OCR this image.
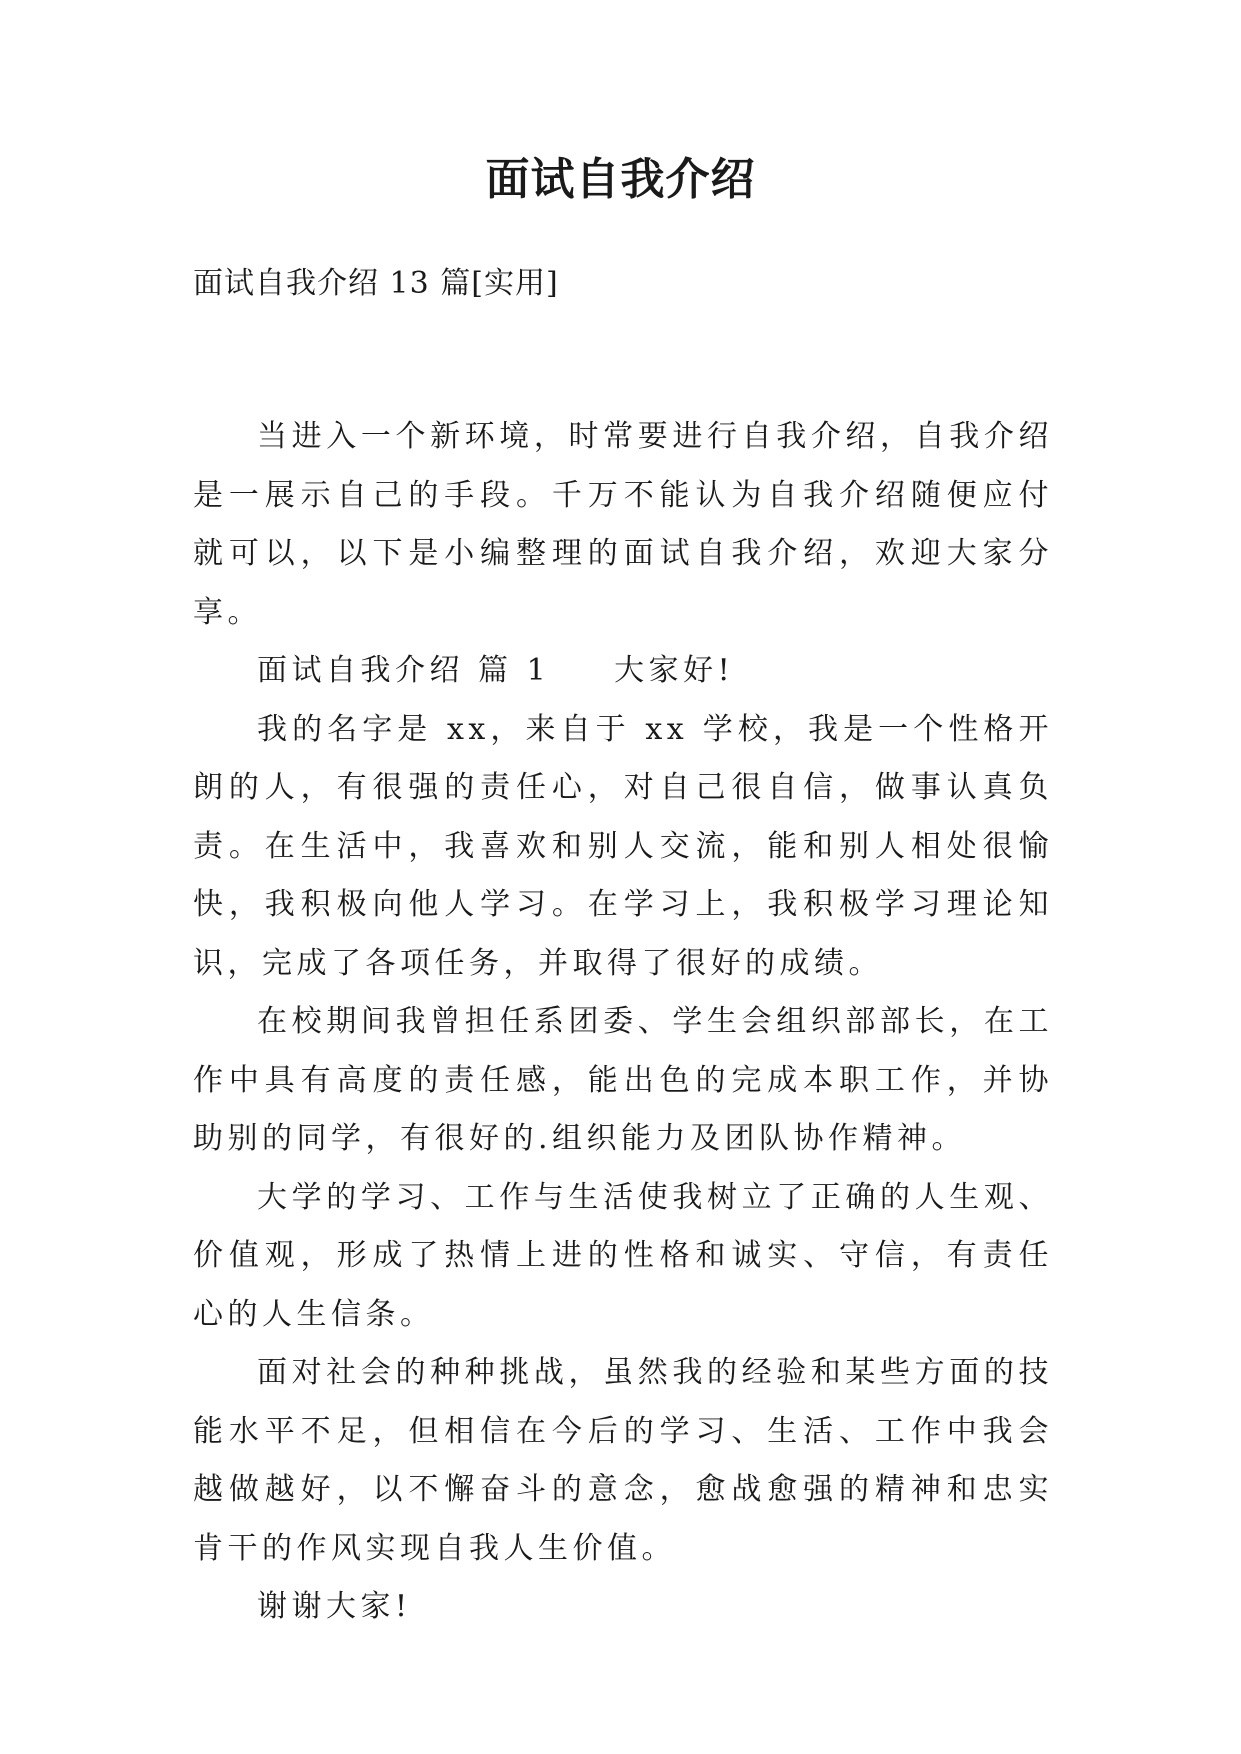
面试自我介绍
面试自我介绍 13 篇[实用]

当进入一个新环境，时常要进行自我介绍，自我介绍是一展示自己的手段。千万不能认为自我介绍随便应付就可以，以下是小编整理的面试自我介绍，欢迎大家分享。

面试自我介绍 篇 1 大家好!

我的名字是 xx，来自于 xx 学校，我是一个性格开朗的人，有很强的责任心，对自己很自信，做事认真负责。在生活中，我喜欢和别人交流，能和别人相处很愉快，我积极向他人学习。在学习上，我积极学习理论知识，完成了各项任务，并取得了很好的成绩。

在校期间我曾担任系团委、学生会组织部部长，在工作中具有高度的责任感，能出色的完成本职工作，并协助别的同学，有很好的.组织能力及团队协作精神。

大学的学习、工作与生活使我树立了正确的人生观、价值观，形成了热情上进的性格和诚实、守信，有责任心的人生信条。

面对社会的种种挑战，虽然我的经验和某些方面的技能水平不足，但相信在今后的学习、生活、工作中我会越做越好，以不懈奋斗的意念，愈战愈强的精神和忠实肯干的作风实现自我人生价值。

谢谢大家!
